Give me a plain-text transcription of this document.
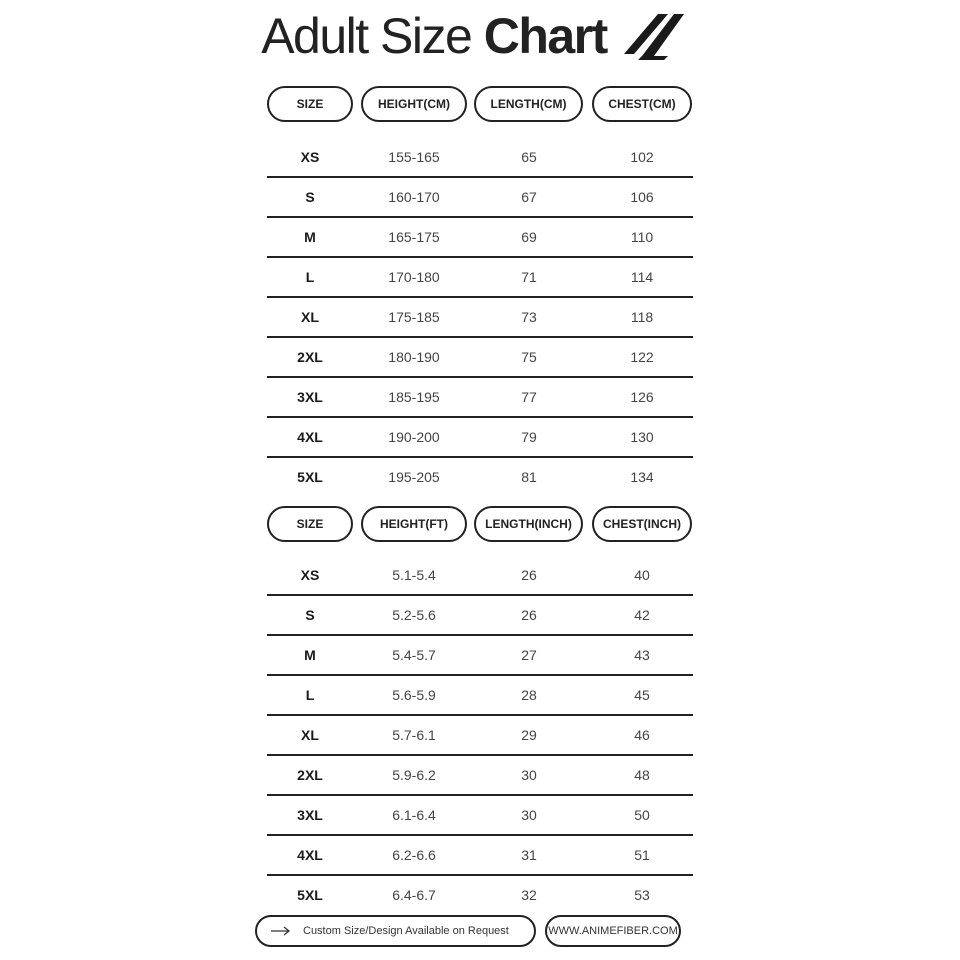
Adult Size Chart
SIZE	HEIGHT(CM)	LENGTH(CM)	CHEST(CM)
XS	155-165	65	102
S	160-170	67	106
M	165-175	69	110
L	170-180	71	114
XL	175-185	73	118
2XL	180-190	75	122
3XL	185-195	77	126
4XL	190-200	79	130
5XL	195-205	81	134
SIZE	HEIGHT(FT)	LENGTH(INCH)	CHEST(INCH)
XS	5.1-5.4	26	40
S	5.2-5.6	26	42
M	5.4-5.7	27	43
L	5.6-5.9	28	45
XL	5.7-6.1	29	46
2XL	5.9-6.2	30	48
3XL	6.1-6.4	30	50
4XL	6.2-6.6	31	51
5XL	6.4-6.7	32	53
Custom Size/Design Available on Request	WWW.ANIMEFIBER.COM
